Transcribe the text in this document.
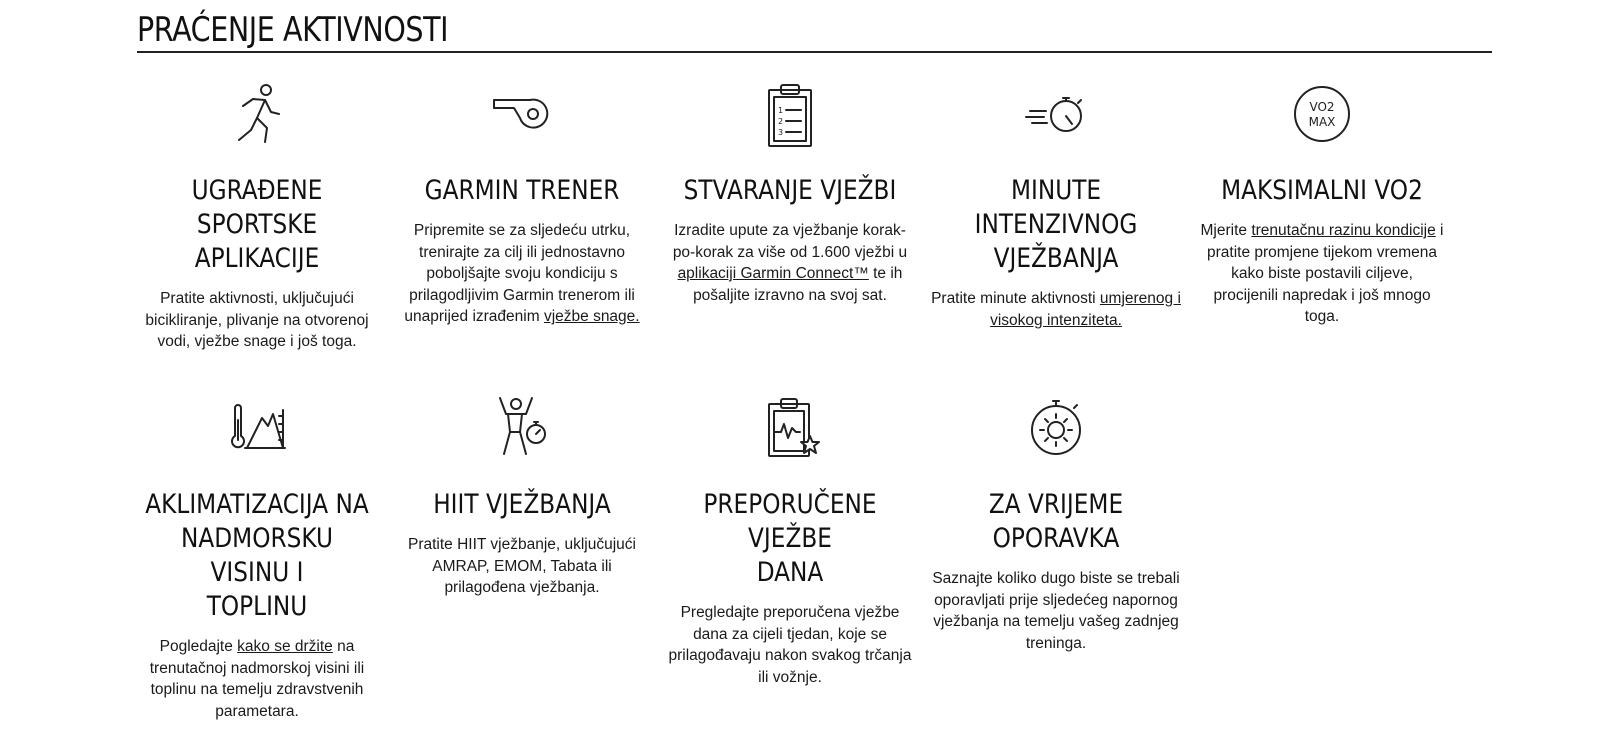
PRAĆENJE AKTIVNOSTI
UGRAĐENE SPORTSKE
APLIKACIJE

Pratite aktivnosti, uključujući bicikliranje, plivanje na otvorenoj vodi, vježbe snage i još toga.

GARMIN TRENER

Pripremite se za sljedeću utrku, trenirajte za cilj ili jednostavno poboljšajte svoju kondiciju s prilagodljivim Garmin trenerom ili unaprijed izrađenim vježbe snage.

1
2
3
STVARANJE VJEŽBI

Izradite upute za vježbanje korak-po-korak za više od 1.600 vježbi u aplikaciji Garmin Connect™ te ih pošaljite izravno na svoj sat.

MINUTE INTENZIVNOG
VJEŽBANJA

Pratite minute aktivnosti umjerenog i visokog intenziteta.

VO2
MAX
MAKSIMALNI VO2

Mjerite trenutačnu razinu kondicije i pratite promjene tijekom vremena kako biste postavili ciljeve, procijenili napredak i još mnogo toga.

AKLIMATIZACIJA NA
NADMORSKU VISINU I
TOPLINU

Pogledajte kako se držite na trenutačnoj nadmorskoj visini ili toplinu na temelju zdravstvenih parametara.

HIIT VJEŽBANJA

Pratite HIIT vježbanje, uključujući AMRAP, EMOM, Tabata ili prilagođena vježbanja.

PREPORUČENE VJEŽBE
DANA

Pregledajte preporučena vježbe dana za cijeli tjedan, koje se prilagođavaju nakon svakog trčanja ili vožnje.

ZA VRIJEME OPORAVKA

Saznajte koliko dugo biste se trebali oporavljati prije sljedećeg napornog vježbanja na temelju vašeg zadnjeg treninga.
